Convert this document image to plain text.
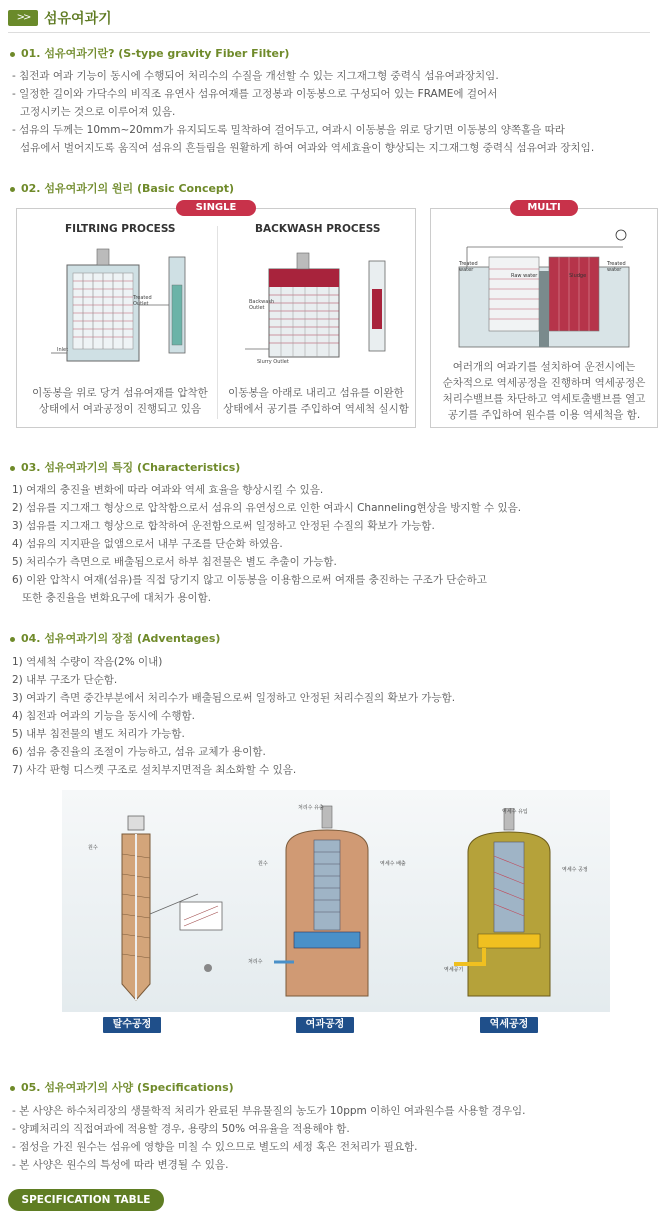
>>	섬유여과기
01. 섬유여과기란? (S-type gravity Fiber Filter)
- 침전과 여과 기능이 동시에 수행되어 처리수의 수질을 개선할 수 있는 지그재그형 중력식 섬유여과장치임.
- 일정한 길이와 가닥수의 비직조 유연사 섬유여재를 고정봉과 이동봉으로 구성되어 있는 FRAME에 걸어서
고정시키는 것으로 이루어져 있음.
- 섬유의 두께는 10mm~20mm가 유지되도록 밀착하여 걸어두고, 여과시 이동봉을 위로 당기면 이동봉의 양쪽홀을 따라
섬유에서 벌어지도록 움직여 섬유의 흔들림을 원활하게 하여 여과와 역세효율이 향상되는 지그재그형 중력식 섬유여과 장치임.
02. 섬유여과기의 원리 (Basic Concept)
FILTRING PROCESS	BACKWASH PROCESS
Treated Outlet
Inlet
Backwash Outlet
Slurry Outlet
이동봉을 위로 당겨 섬유여재를 압착한
상태에서 여과공정이 진행되고 있음
이동봉을 아래로 내리고 섬유를 이완한
상태에서 공기를 주입하여 역세척 실시함
SINGLE UNIT
Treated water
Treated water
Raw water	Sludge
여러개의 여과기를 설치하여 운전시에는
순차적으로 역세공정을 진행하며 역세공정은
처리수밸브를 차단하고 역세토출밸브를 열고
공기를 주입하여 원수를 이용 역세척을 함.
MULTI UNIT
03. 섬유여과기의 특징 (Characteristics)
1) 여재의 충진율 변화에 따라 여과와 역세 효율을 향상시킬 수 있음.
2) 섬유를 지그재그 형상으로 압착함으로서 섬유의 유연성으로 인한 여과시 Channeling현상을 방지할 수 있음.
3) 섬유를 지그재그 형상으로 합착하여 운전함으로써 일정하고 안정된 수질의 확보가 가능함.
4) 섬유의 지지판을 없앰으로서 내부 구조를 단순화 하였음.
5) 처리수가 측면으로 배출됨으로서 하부 침전물은 별도 추출이 가능함.
6) 이완 압착시 여재(섬유)를 직접 당기지 않고 이동봉을 이용함으로써 여재를 충진하는 구조가 단순하고
또한 충진율을 변화요구에 대처가 용이함.
04. 섬유여과기의 장점 (Adventages)
1) 역세척 수량이 작음(2% 이내)
2) 내부 구조가 단순함.
3) 여과기 측면 중간부분에서 처리수가 배출됨으로써 일정하고 안정된 처리수질의 확보가 가능함.
4) 침전과 여과의 기능을 동시에 수행함.
5) 내부 침전물의 별도 처리가 가능함.
6) 섬유 충진율의 조절이 가능하고, 섬유 교체가 용이함.
7) 사각 판형 디스켓 구조로 설치부지면적을 최소화할 수 있음.
처리수 유출
역세수 배출
원수
처리수
역세수 유입
역세수 공정
역세공기
원수
탈수공정	여과공정	역세공정
05. 섬유여과기의 사양 (Specifications)
- 본 사양은 하수처리장의 생물학적 처리가 완료된 부유물질의 농도가 10ppm 이하인 여과원수를 사용할 경우임.
- 양폐처리의 직접여과에 적용할 경우, 용량의 50% 여유율을 적용해야 함.
- 점성을 가진 원수는 섬유에 영향을 미칠 수 있으므로 별도의 세정 혹은 전처리가 필요함.
- 본 사양은 원수의 특성에 따라 변경될 수 있음.
SPECIFICATION TABLE
